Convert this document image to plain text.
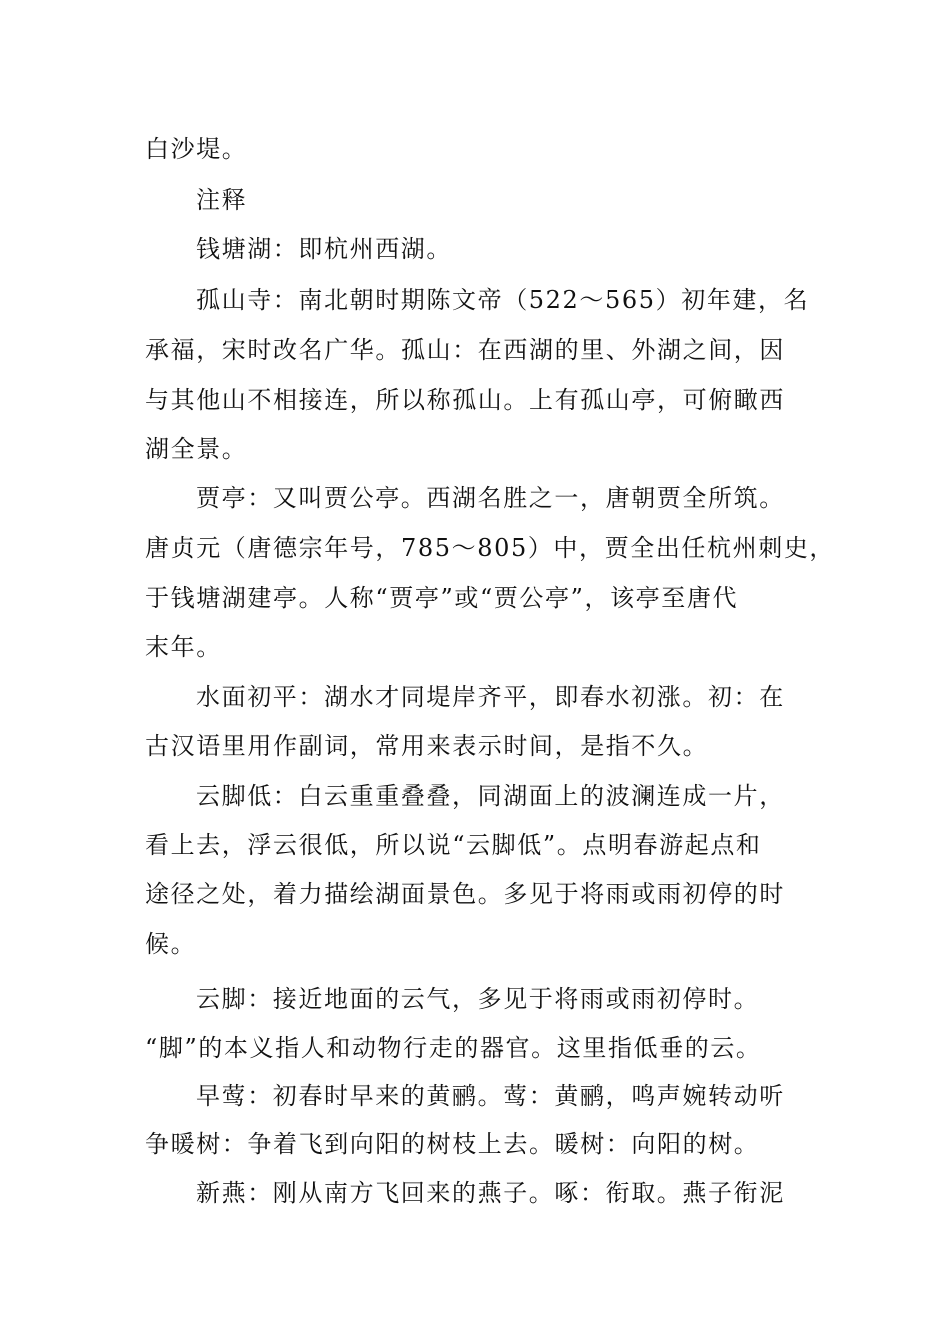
白沙堤。
注释
钱塘湖：即杭州西湖。
孤山寺：南北朝时期陈文帝（522～565）初年建，名
承福，宋时改名广华。孤山：在西湖的里、外湖之间，因
与其他山不相接连，所以称孤山。上有孤山亭，可俯瞰西
湖全景。
贾亭：又叫贾公亭。西湖名胜之一，唐朝贾全所筑。
唐贞元（唐德宗年号，785～805）中，贾全出任杭州刺史，
于钱塘湖建亭。人称“贾亭”或“贾公亭”，该亭至唐代
末年。
水面初平：湖水才同堤岸齐平，即春水初涨。初：在
古汉语里用作副词，常用来表示时间，是指不久。
云脚低：白云重重叠叠，同湖面上的波澜连成一片，
看上去，浮云很低，所以说“云脚低”。点明春游起点和
途径之处，着力描绘湖面景色。多见于将雨或雨初停的时
候。
云脚：接近地面的云气，多见于将雨或雨初停时。
“脚”的本义指人和动物行走的器官。这里指低垂的云。
早莺：初春时早来的黄鹂。莺：黄鹂，鸣声婉转动听
争暖树：争着飞到向阳的树枝上去。暖树：向阳的树。
新燕：刚从南方飞回来的燕子。啄：衔取。燕子衔泥
